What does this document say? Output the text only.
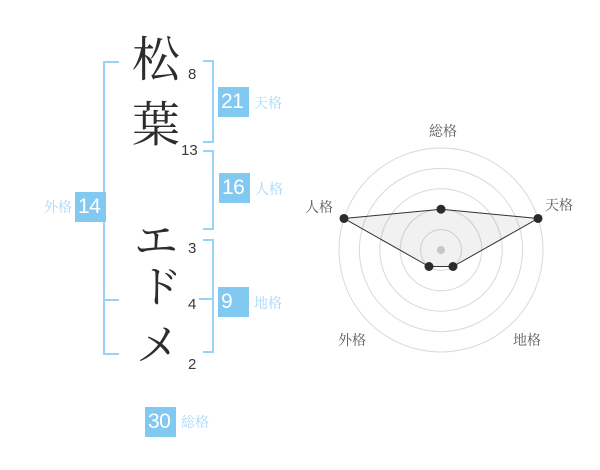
松
葉
エ
ド
メ
8
13
3
4
2
21 天格
16 人格
外格 14
9	地格
30 総格
総格
天格
地格
外格
人格
